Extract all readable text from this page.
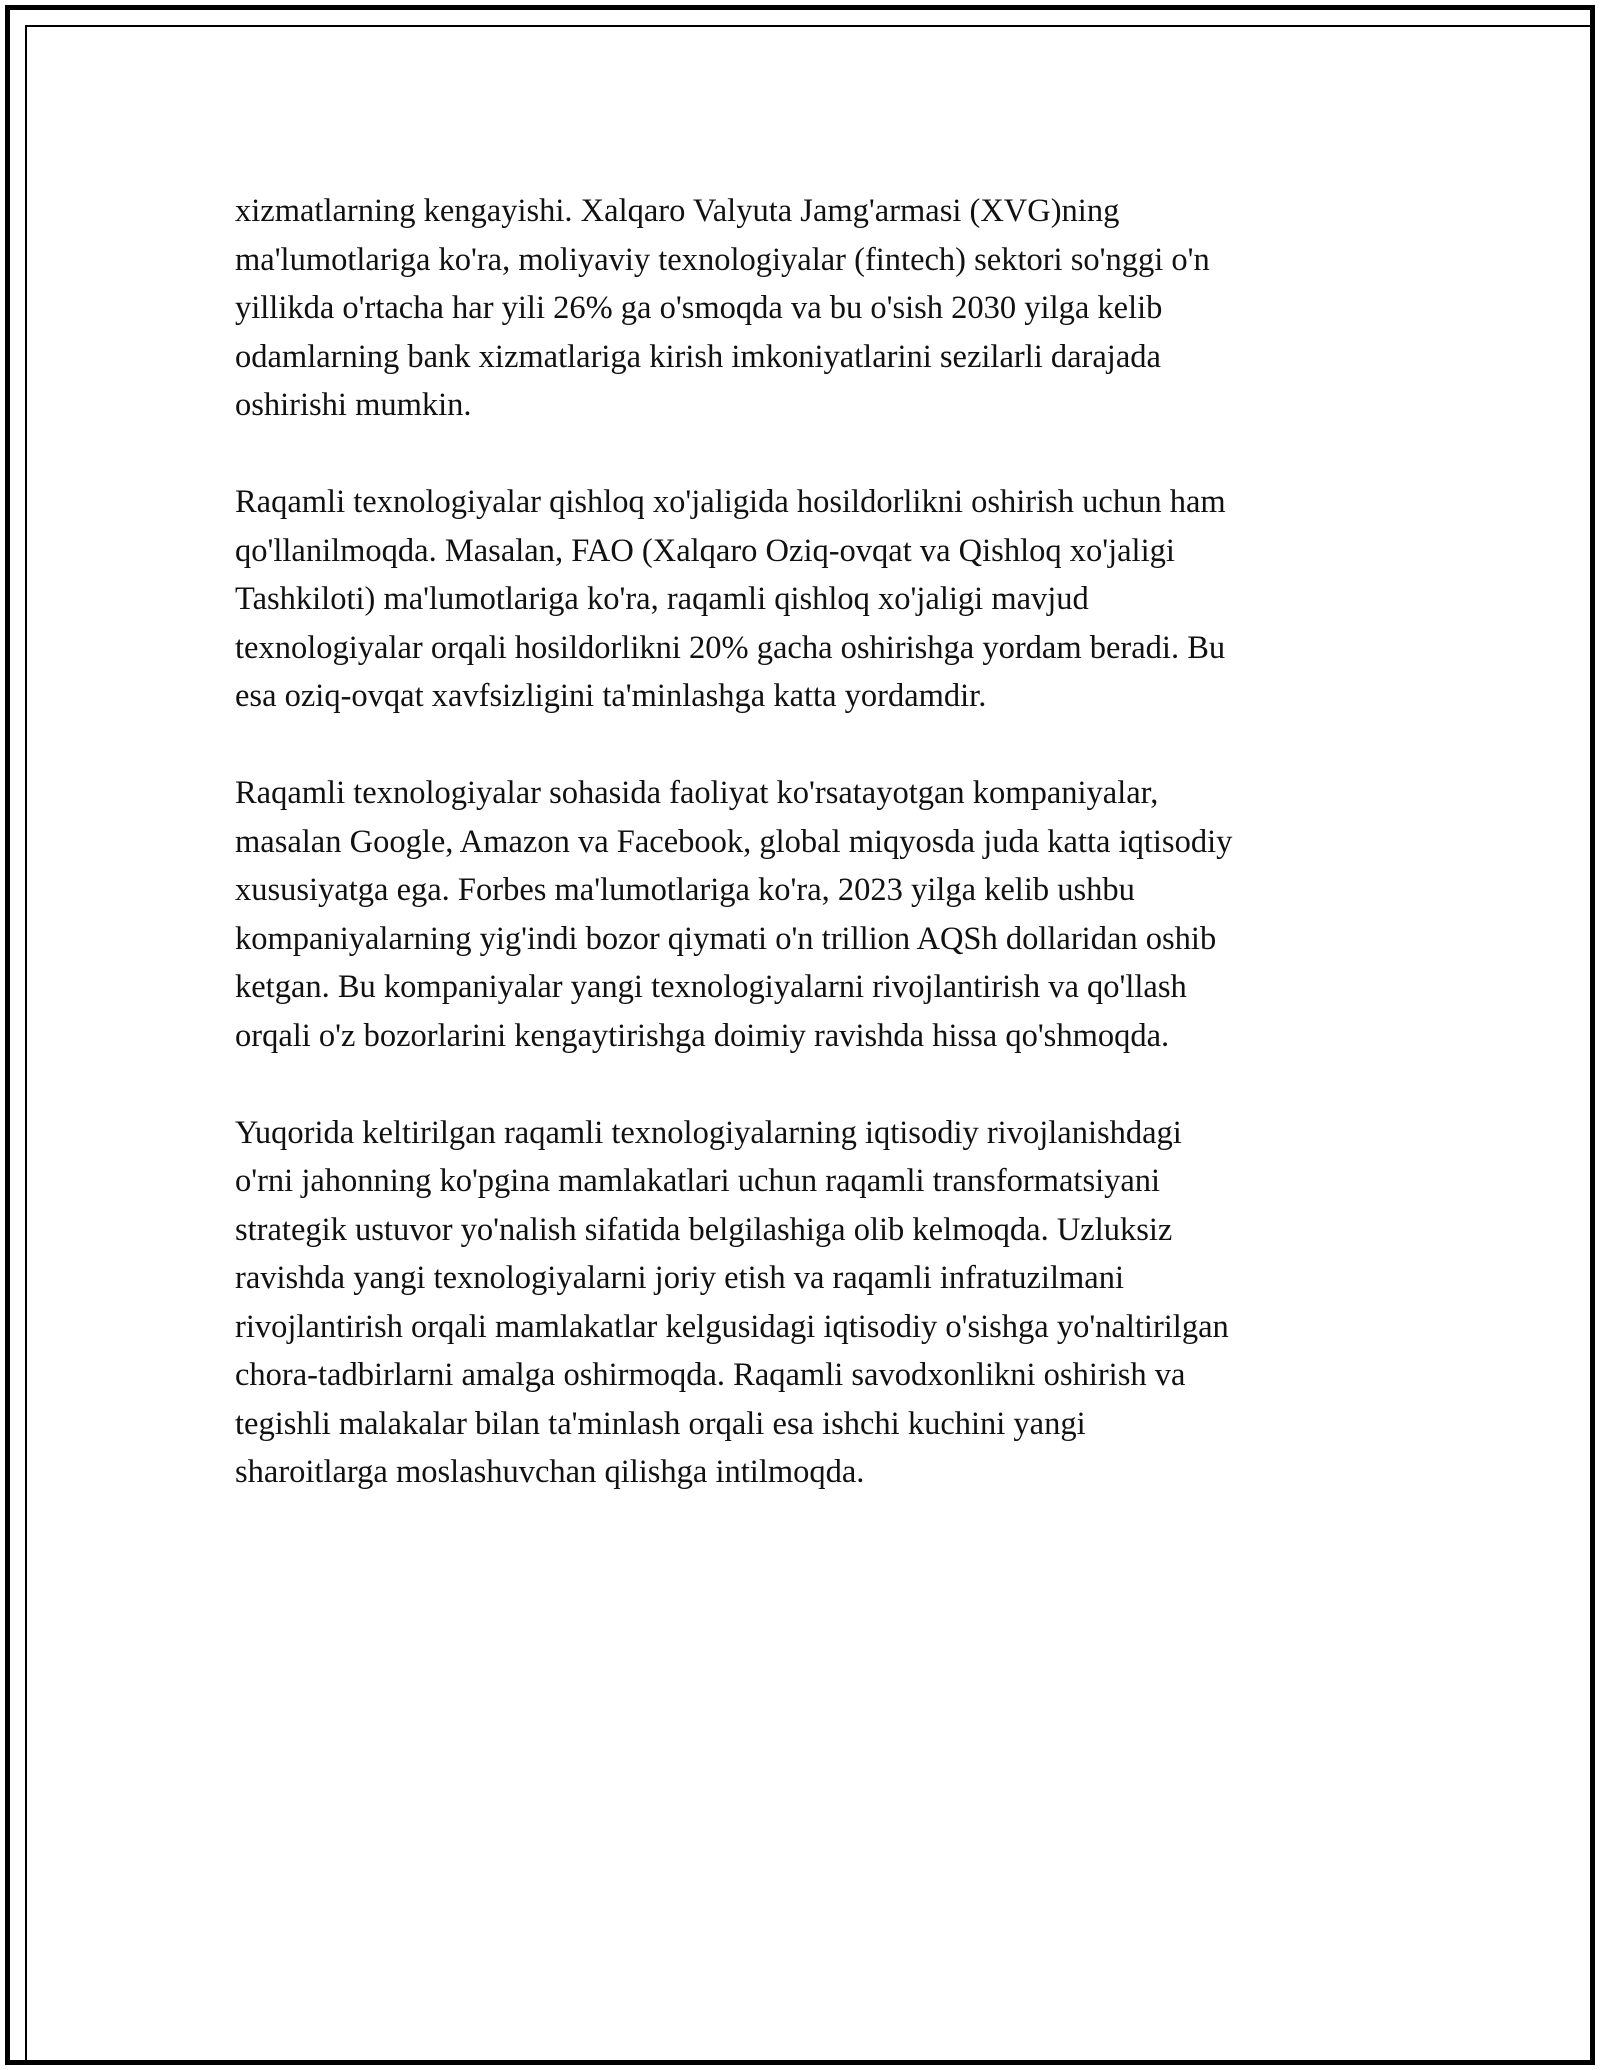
xizmatlarning kengayishi. Xalqaro Valyuta Jamg'armasi (XVG)ning
ma'lumotlariga ko'ra, moliyaviy texnologiyalar (fintech) sektori so'nggi o'n
yillikda o'rtacha har yili 26% ga o'smoqda va bu o'sish 2030 yilga kelib
odamlarning bank xizmatlariga kirish imkoniyatlarini sezilarli darajada
oshirishi mumkin.

Raqamli texnologiyalar qishloq xo'jaligida hosildorlikni oshirish uchun ham
qo'llanilmoqda. Masalan, FAO (Xalqaro Oziq-ovqat va Qishloq xo'jaligi
Tashkiloti) ma'lumotlariga ko'ra, raqamli qishloq xo'jaligi mavjud
texnologiyalar orqali hosildorlikni 20% gacha oshirishga yordam beradi. Bu
esa oziq-ovqat xavfsizligini ta'minlashga katta yordamdir.

Raqamli texnologiyalar sohasida faoliyat ko'rsatayotgan kompaniyalar,
masalan Google, Amazon va Facebook, global miqyosda juda katta iqtisodiy
xususiyatga ega. Forbes ma'lumotlariga ko'ra, 2023 yilga kelib ushbu
kompaniyalarning yig'indi bozor qiymati o'n trillion AQSh dollaridan oshib
ketgan. Bu kompaniyalar yangi texnologiyalarni rivojlantirish va qo'llash
orqali o'z bozorlarini kengaytirishga doimiy ravishda hissa qo'shmoqda.

Yuqorida keltirilgan raqamli texnologiyalarning iqtisodiy rivojlanishdagi
o'rni jahonning ko'pgina mamlakatlari uchun raqamli transformatsiyani
strategik ustuvor yo'nalish sifatida belgilashiga olib kelmoqda. Uzluksiz
ravishda yangi texnologiyalarni joriy etish va raqamli infratuzilmani
rivojlantirish orqali mamlakatlar kelgusidagi iqtisodiy o'sishga yo'naltirilgan
chora-tadbirlarni amalga oshirmoqda. Raqamli savodxonlikni oshirish va
tegishli malakalar bilan ta'minlash orqali esa ishchi kuchini yangi
sharoitlarga moslashuvchan qilishga intilmoqda.
